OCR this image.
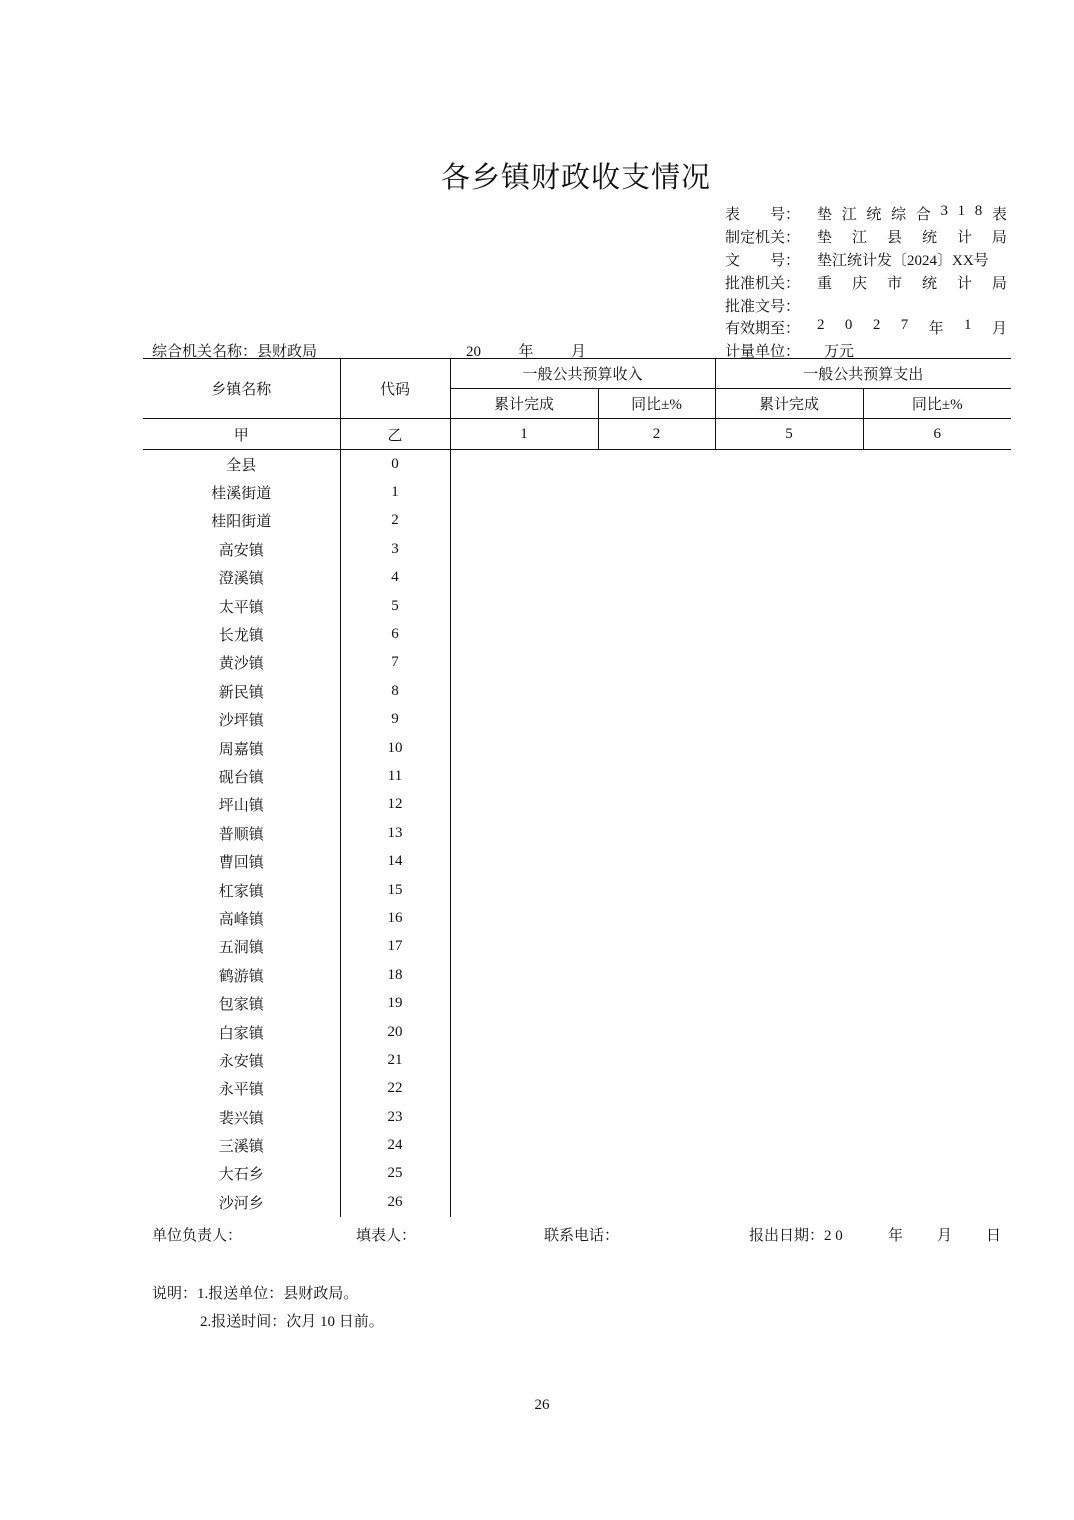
各乡镇财政收支情况
表　　号：	垫 江 统 综 合 3 1 8 表
制定机关：	垫 江 县 统 计 局
文　　号：	垫江统计发〔2024〕XX号
批准机关：	重 庆 市 统 计 局
批准文号：
有效期至：	2 0 2 7 年 1 月
综合机关名称：县财政局	20	年	月	计量单位： 万元
乡镇名称	代码	一般公共预算收入		一般公共预算支出	
		累计完成	同比±%	累计完成	同比±%
甲	乙	1	2	5	6
全县	0				
桂溪街道	1				
桂阳街道	2				
高安镇	3				
澄溪镇	4				
太平镇	5				
长龙镇	6				
黄沙镇	7				
新民镇	8				
沙坪镇	9				
周嘉镇	10				
砚台镇	11				
坪山镇	12				
普顺镇	13				
曹回镇	14				
杠家镇	15				
高峰镇	16				
五洞镇	17				
鹤游镇	18				
包家镇	19				
白家镇	20				
永安镇	21				
永平镇	22				
裴兴镇	23				
三溪镇	24				
大石乡	25				
沙河乡	26				
单位负责人：	填表人：	联系电话：	报出日期：2 0	年 月 日
说明：1.报送单位：县财政局。
2.报送时间：次月 10 日前。
26
